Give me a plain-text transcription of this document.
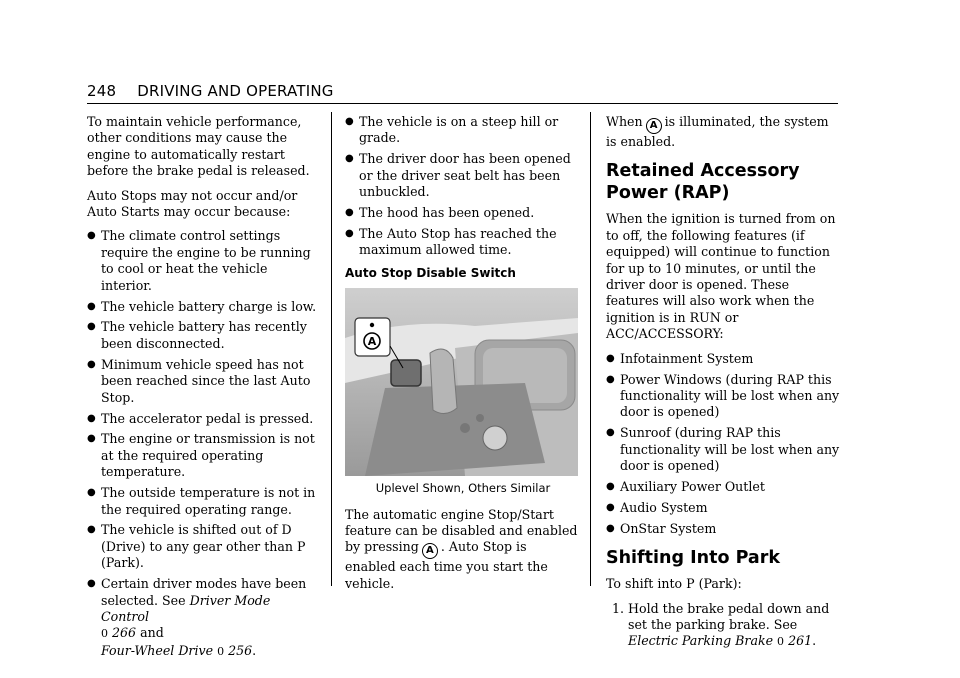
248 DRIVING AND OPERATING

To maintain vehicle performance, other conditions may cause the engine to automatically restart before the brake pedal is released.

Auto Stops may not occur and/or Auto Starts may occur because:

● The climate control settings require the engine to be running to cool or heat the vehicle interior.
● The vehicle battery charge is low.
● The vehicle battery has recently been disconnected.
● Minimum vehicle speed has not been reached since the last Auto Stop.
● The accelerator pedal is pressed.
● The engine or transmission is not at the required operating temperature.
● The outside temperature is not in the required operating range.
● The vehicle is shifted out of D (Drive) to any gear other than P (Park).
● Certain driver modes have been selected. See Driver Mode Control
0 266 and
Four-Wheel Drive 0 256.
● The vehicle is on a steep hill or grade.
● The driver door has been opened or the driver seat belt has been unbuckled.
● The hood has been opened.
● The Auto Stop has reached the maximum allowed time.
Auto Stop Disable Switch
A
Uplevel Shown, Others Similar

The automatic engine Stop/Start feature can be disabled and enabled by pressing A . Auto Stop is enabled each time you start the vehicle.

When A is illuminated, the system is enabled.

Retained Accessory Power (RAP)

When the ignition is turned from on to off, the following features (if equipped) will continue to function for up to 10 minutes, or until the driver door is opened. These features will also work when the ignition is in RUN or ACC/ACCESSORY:

● Infotainment System
● Power Windows (during RAP this functionality will be lost when any door is opened)
● Sunroof (during RAP this functionality will be lost when any door is opened)
● Auxiliary Power Outlet
● Audio System
● OnStar System
Shifting Into Park

To shift into P (Park):

1. Hold the brake pedal down and set the parking brake. See Electric Parking Brake 0 261.
